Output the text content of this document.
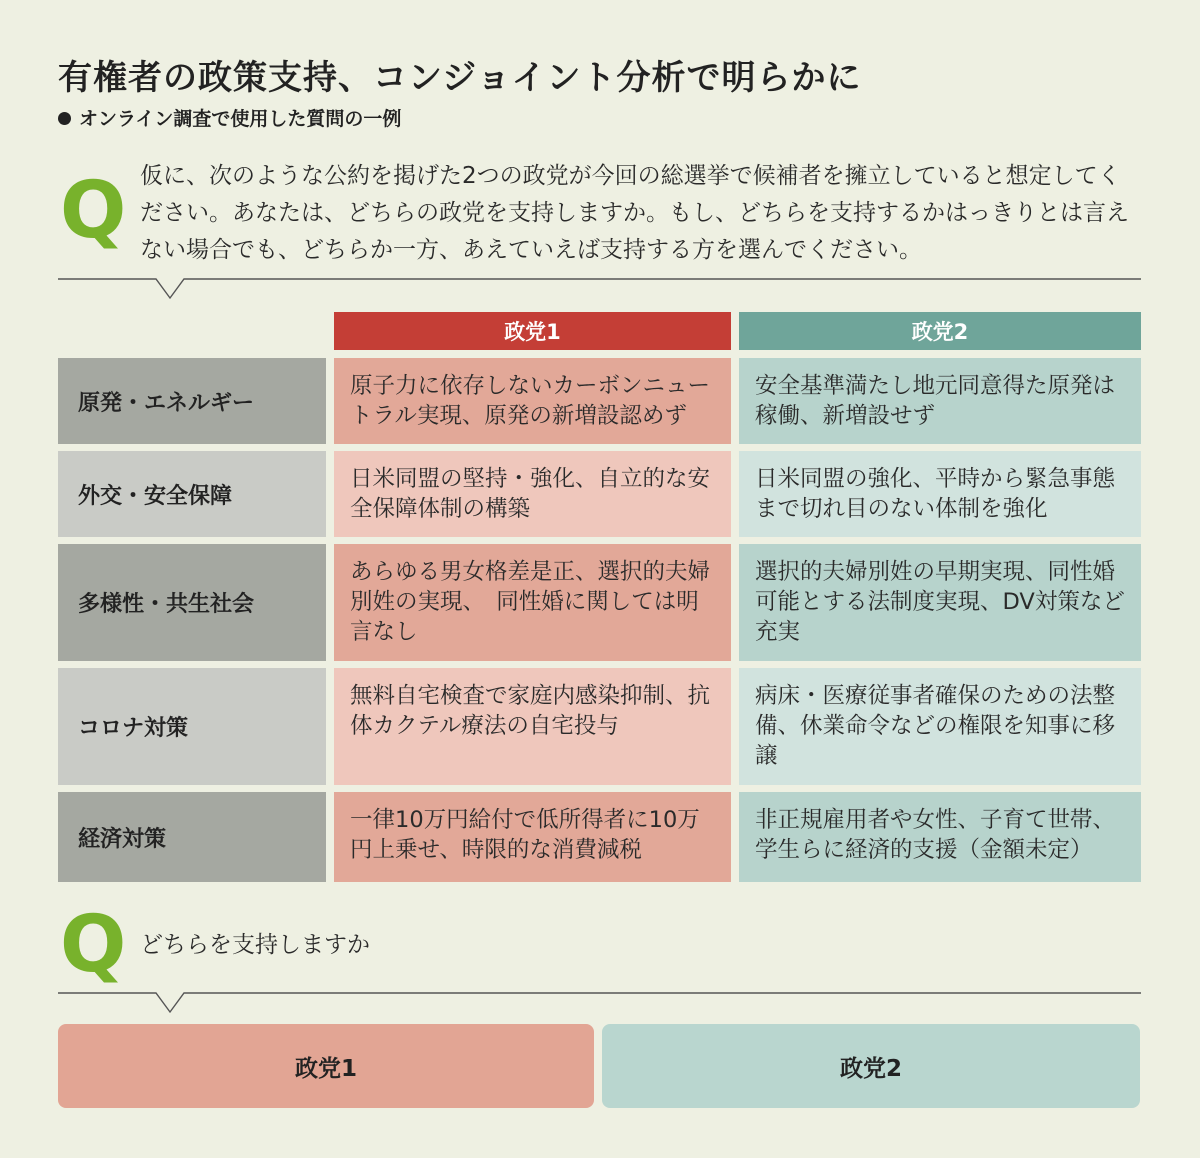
有権者の政策支持、コンジョイント分析で明らかに
オンライン調査で使用した質問の一例
Q 仮に、次のような公約を掲げた2つの政党が今回の総選挙で候補者を擁立していると想定してください。あなたは、どちらの政党を支持しますか。もし、どちらを支持するかはっきりとは言えない場合でも、どちらか一方、あえていえば支持する方を選んでください。
政党1	政党2
原発・エネルギー
原子力に依存しないカーボンニュートラル実現、原発の新増設認めず
安全基準満たし地元同意得た原発は稼働、新増設せず
外交・安全保障
日米同盟の堅持・強化、自立的な安全保障体制の構築
日米同盟の強化、平時から緊急事態まで切れ目のない体制を強化
多様性・共生社会
あらゆる男女格差是正、選択的夫婦別姓の実現、　同性婚に関しては明言なし
選択的夫婦別姓の早期実現、同性婚可能とする法制度実現、DV対策など充実
コロナ対策
無料自宅検査で家庭内感染抑制、抗体カクテル療法の自宅投与
病床・医療従事者確保のための法整備、休業命令などの権限を知事に移譲
経済対策
一律10万円給付で低所得者に10万円上乗せ、時限的な消費減税
非正規雇用者や女性、子育て世帯、学生らに経済的支援（金額未定）
Q どちらを支持しますか
政党1	政党2
